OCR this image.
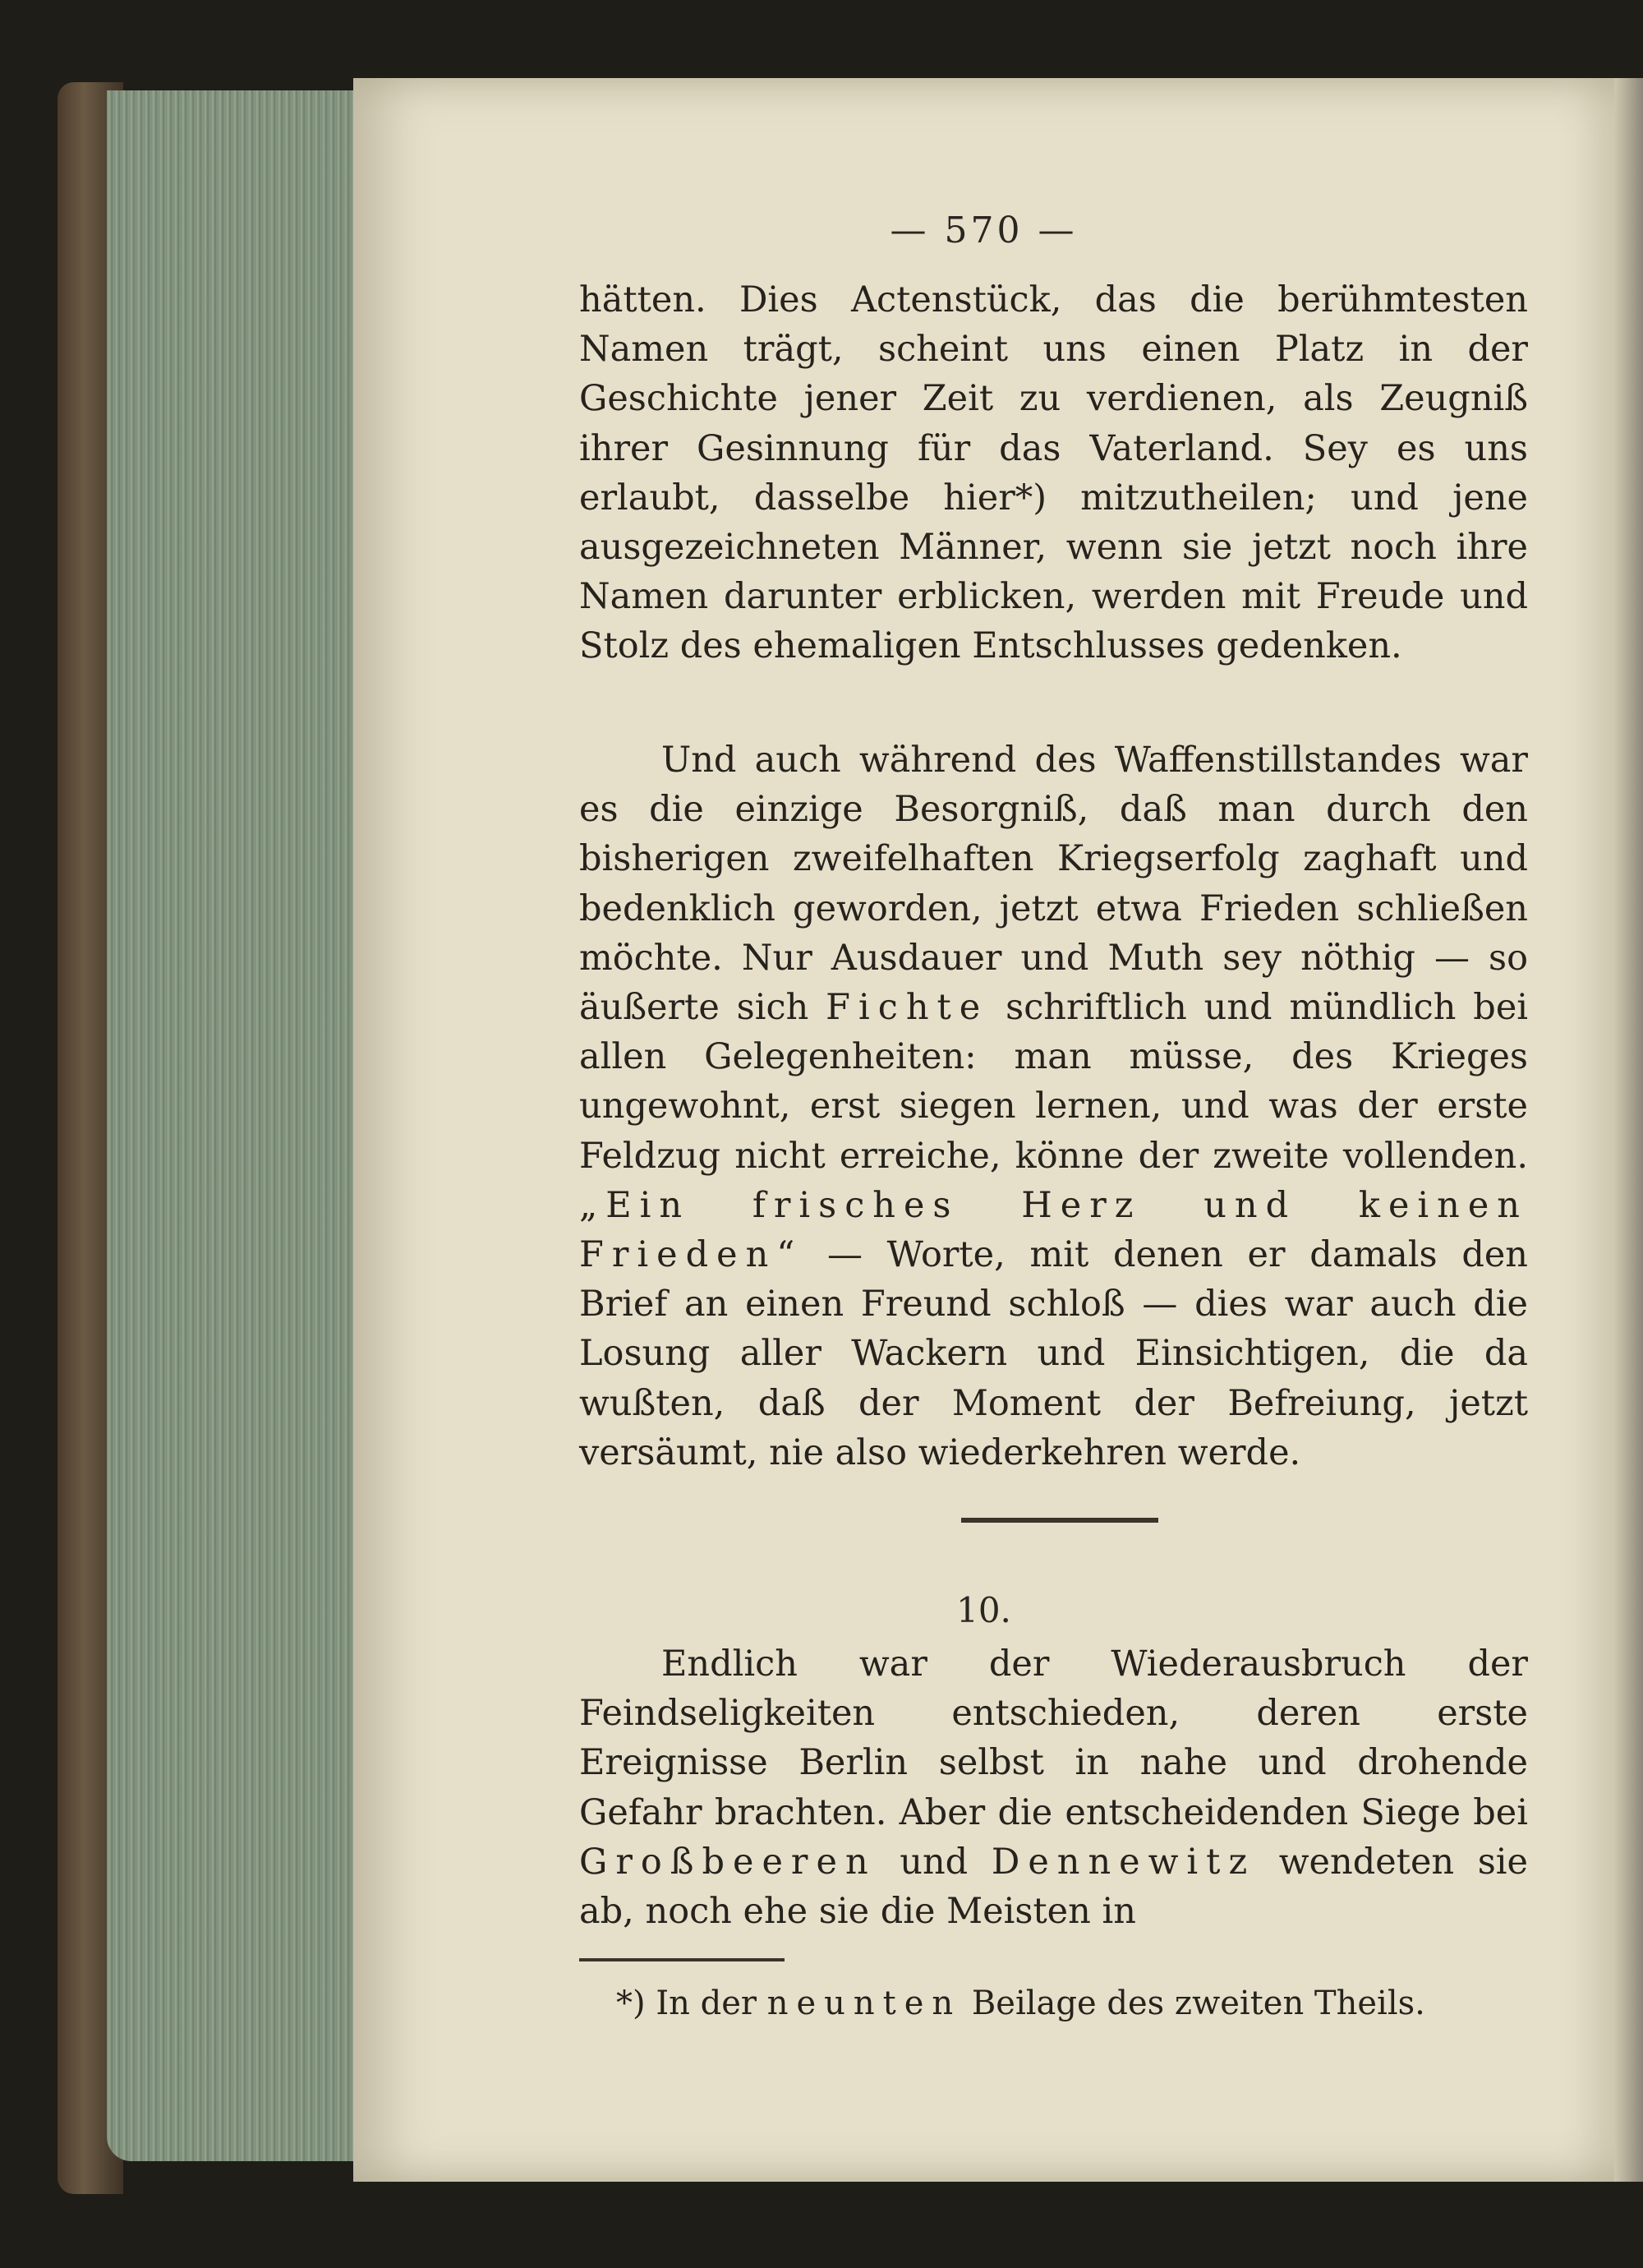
— 570 —
hätten. Dies Actenstück, das die berühmtesten Namen trägt, scheint uns einen Platz in der Geschichte jener Zeit zu verdienen, als Zeugniß ihrer Gesinnung für das Vaterland. Sey es uns erlaubt, dasselbe hier*) mitzutheilen; und jene ausgezeichneten Männer, wenn sie jetzt noch ihre Namen darunter erblicken, werden mit Freude und Stolz des ehemaligen Entschlusses gedenken.
Und auch während des Waffenstillstandes war es die einzige Besorgniß, daß man durch den bisherigen zweifelhaften Kriegserfolg zaghaft und bedenklich geworden, jetzt etwa Frieden schließen möchte. Nur Ausdauer und Muth sey nöthig — so äußerte sich Fichte schriftlich und mündlich bei allen Gelegenheiten: man müsse, des Krieges ungewohnt, erst siegen lernen, und was der erste Feldzug nicht erreiche, könne der zweite vollenden. „Ein frisches Herz und keinen Frieden“ — Worte, mit denen er damals den Brief an einen Freund schloß — dies war auch die Losung aller Wackern und Einsichtigen, die da wußten, daß der Moment der Befreiung, jetzt versäumt, nie also wiederkehren werde.
10.
Endlich war der Wiederausbruch der Feindseligkeiten entschieden, deren erste Ereignisse Berlin selbst in nahe und drohende Gefahr brachten. Aber die entscheidenden Siege bei Großbeeren und Dennewitz wendeten sie ab, noch ehe sie die Meisten in
*) In der neunten Beilage des zweiten Theils.
